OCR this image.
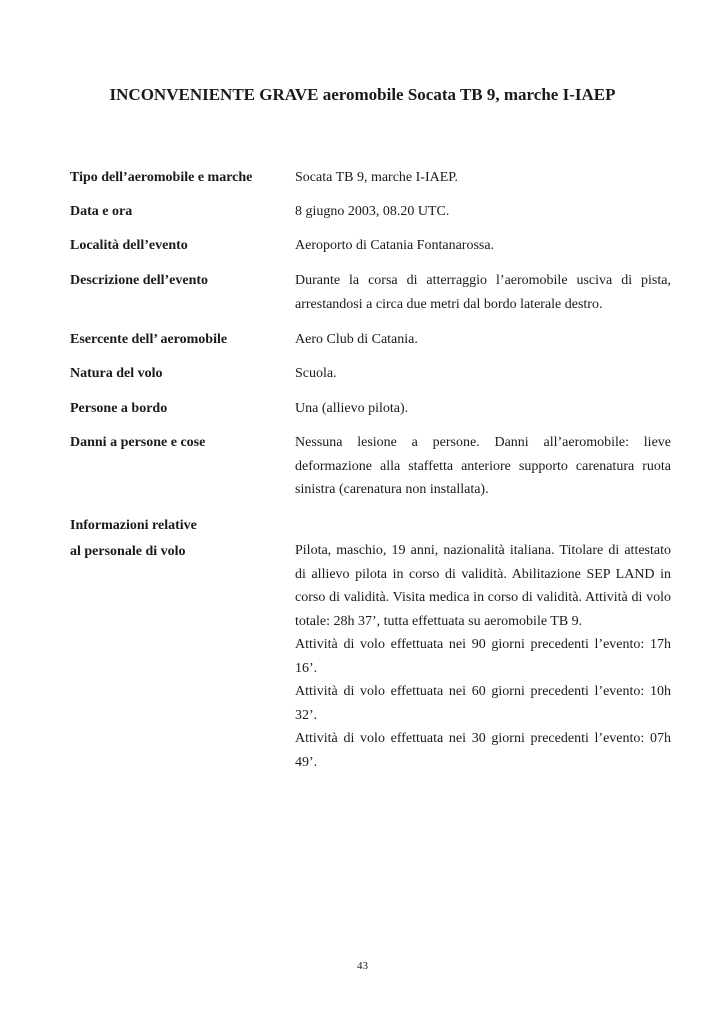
INCONVENIENTE GRAVE aeromobile Socata TB 9, marche I-IAEP
Tipo dell’aeromobile e marche	Socata TB 9, marche I-IAEP.
Data e ora	8 giugno 2003, 08.20 UTC.
Località dell’evento	Aeroporto di Catania Fontanarossa.
Descrizione dell’evento	Durante la corsa di atterraggio l’aeromobile usciva di pista, arrestandosi a circa due metri dal bordo laterale destro.
Esercente dell’ aeromobile	Aero Club di Catania.
Natura del volo	Scuola.
Persone a bordo	Una (allievo pilota).
Danni a persone e cose	Nessuna lesione a persone. Danni all’aeromobile: lieve deformazione alla staffetta anteriore supporto carenatura ruota sinistra (carenatura non installata).
Informazioni relative
al personale di volo	Pilota, maschio, 19 anni, nazionalità italiana. Titolare di attestato di allievo pilota in corso di validità. Abilitazione SEP LAND in corso di validità. Visita medica in corso di validità. Attività di volo totale: 28h 37’, tutta effettuata su aeromobile TB 9.

Attività di volo effettuata nei 90 giorni precedenti l’evento: 17h 16’.

Attività di volo effettuata nei 60 giorni precedenti l’evento: 10h 32’.

Attività di volo effettuata nei 30 giorni precedenti l’evento: 07h 49’.

43
